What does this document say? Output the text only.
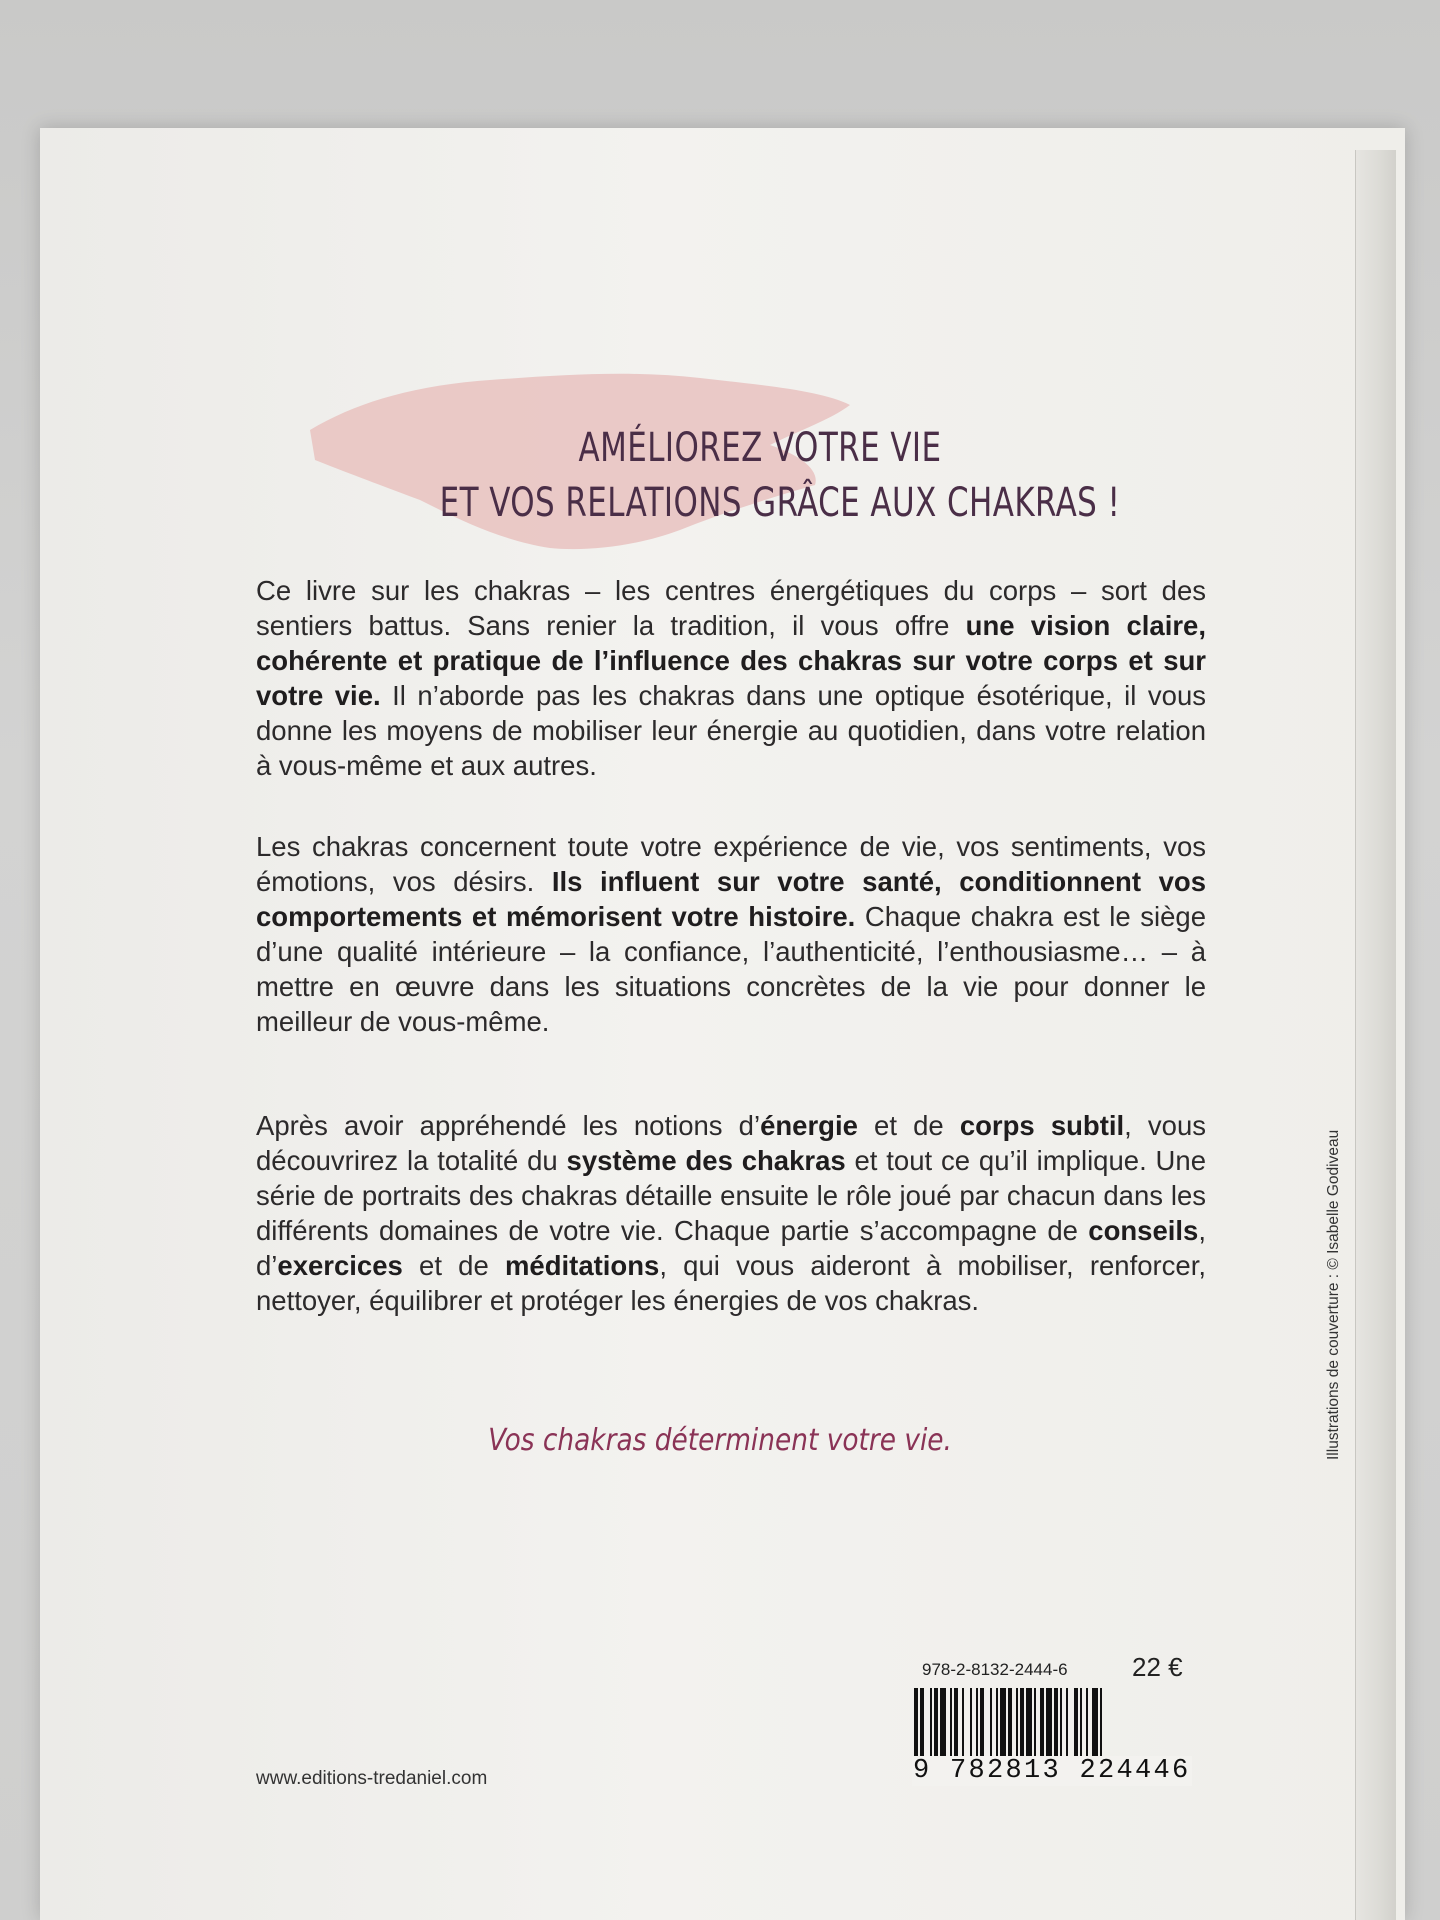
AMÉLIOREZ VOTRE VIE
ET VOS RELATIONS GRÂCE AUX CHAKRAS !
Ce livre sur les chakras – les centres énergétiques du corps – sort des sentiers battus. Sans renier la tradition, il vous offre une vision claire, cohérente et pratique de l’influence des chakras sur votre corps et sur votre vie. Il n’aborde pas les chakras dans une optique ésotérique, il vous donne les moyens de mobiliser leur énergie au quotidien, dans votre relation à vous-même et aux autres.
Les chakras concernent toute votre expérience de vie, vos sentiments, vos émotions, vos désirs. Ils influent sur votre santé, conditionnent vos comportements et mémorisent votre histoire. Chaque chakra est le siège d’une qualité intérieure – la confiance, l’authenticité, l’enthousiasme… – à mettre en œuvre dans les situations concrètes de la vie pour donner le meilleur de vous-même.
Après avoir appréhendé les notions d’énergie et de corps subtil, vous découvrirez la totalité du système des chakras et tout ce qu’il implique. Une série de portraits des chakras détaille ensuite le rôle joué par chacun dans les différents domaines de votre vie. Chaque partie s’accompagne de conseils, d’exercices et de méditations, qui vous aideront à mobiliser, renforcer, nettoyer, équilibrer et protéger les énergies de vos chakras.
Vos chakras déterminent votre vie.	Illustrations de couverture : © Isabelle Godiveau
978-2-8132-2444-6 22 €
9 782813 224446
www.editions-tredaniel.com
